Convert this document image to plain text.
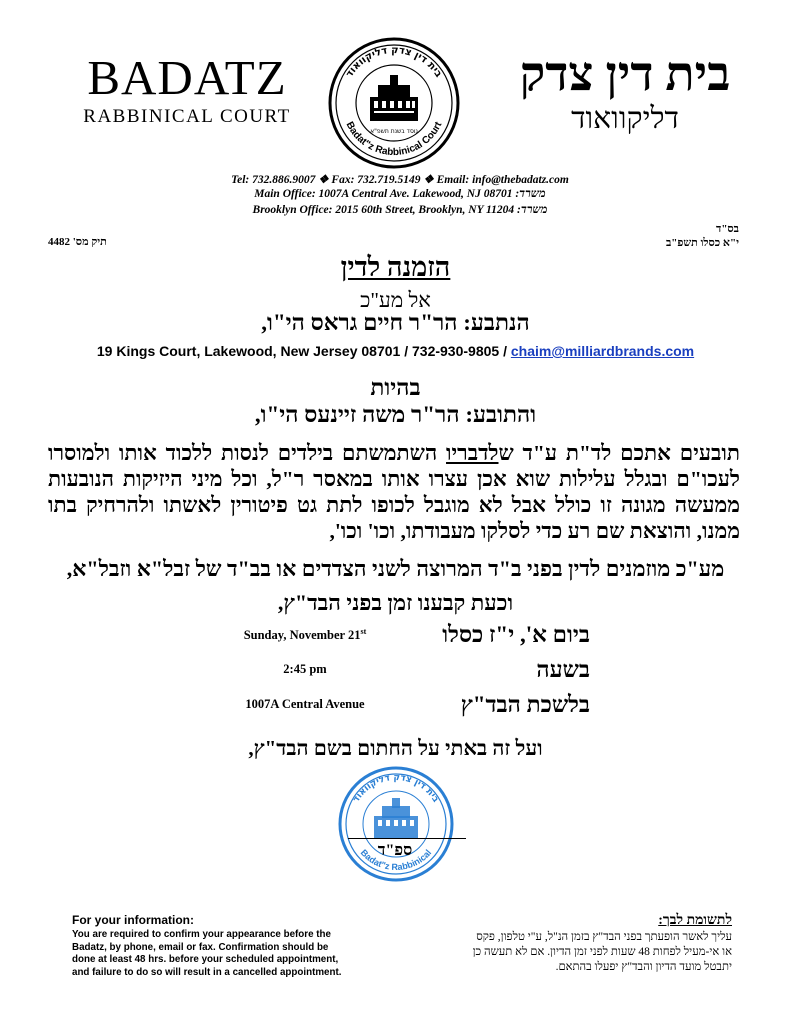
BADATZ
RABBINICAL COURT
בית דין צדק דליקוואוד
Badat"z Rabbinical Court
נוסד בשנת תשפ"א
בית דין צדק
דליקוואוד
Tel: 732.886.9007 ❖ Fax: 732.719.5149 ❖ Email: info@thebadatz.com
Main Office: 1007A Central Ave. Lakewood, NJ 08701 :משרד
Brooklyn Office: 2015 60th Street, Brooklyn, NY 11204 :משרד
תיק מס' 4482
בס"ד
י"א כסלו תשפ"ב
הזמנה לדין
אל מע"כ
הנתבע: הר"ר חיים גראס הי"ו,
19 Kings Court, Lakewood, New Jersey 08701 / 732-930-9805 / chaim@milliardbrands.com
בהיות
והתובע: הר"ר משה זיינעס הי"ו,
תובעים אתכם לד"ת ע"ד שלדבריו השתמשתם בילדים לנסות ללכוד אותו ולמוסרו לעכו"ם ובגלל עלילות שוא אכן עצרו אותו במאסר ר"ל, וכל מיני היזיקות הנובעות ממעשה מגונה זו כולל אבל לא מוגבל לכופו לתת גט פיטורין לאשתו ולהרחיק בתו ממנו, והוצאת שם רע כדי לסלקו מעבודתו, וכו' וכו',
מע"כ מוזמנים לדין בפני ב"ד המרוצה לשני הצדדים או בב"ד של זבל"א וזבל"א,
וכעת קבענו זמן בפני הבד"ץ,
Sunday, November 21st	ביום א', י"ז כסלו
2:45 pm	בשעה
1007A Central Avenue	בלשכת הבד"ץ
ועל זה באתי על החתום בשם הבד"ץ,
בית דין צדק דליקוואוד
Badat"z Rabbinical
ספ"ד
For your information:
You are required to confirm your appearance before the Badatz, by phone, email or fax. Confirmation should be done at least 48 hrs. before your scheduled appointment, and failure to do so will result in a cancelled appointment.
לתשומת לבך:
עליך לאשר הופעתך בפני הבד"ץ בזמן הנ"ל, ע"י טלפון, פקס או אי-מעיל לפחות 48 שעות לפני זמן הדיון. אם לא תעשה כן יתבטל מועד הדיון והבד"ץ יפעלו בהתאם.
